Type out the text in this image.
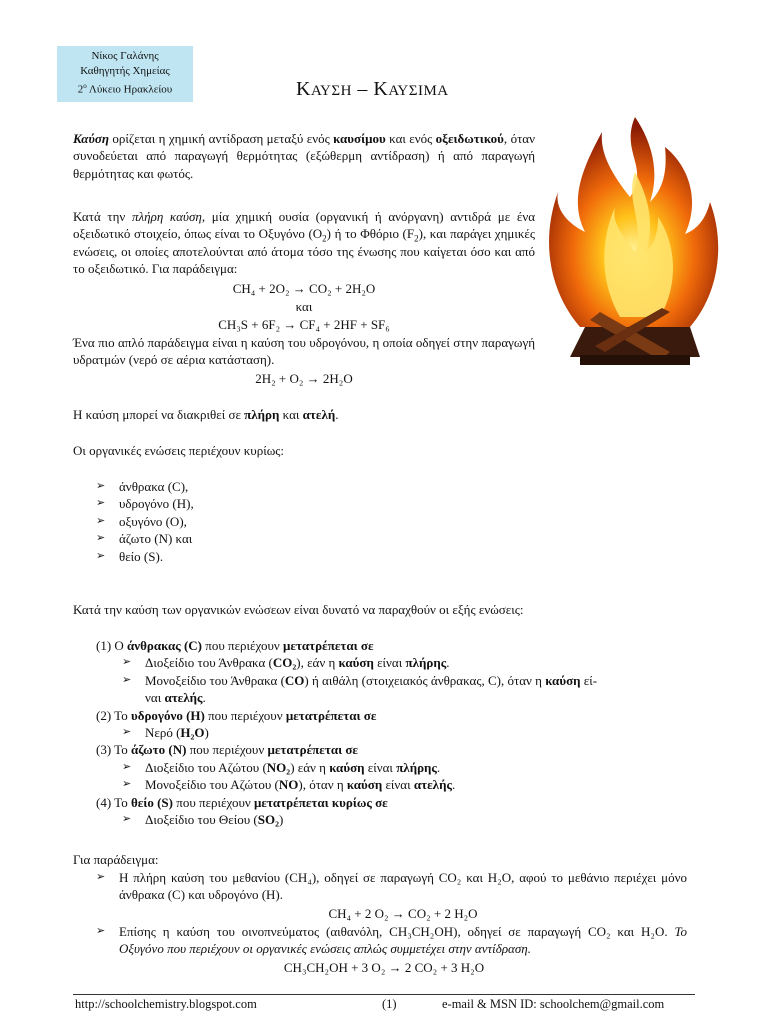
Νίκος Γαλάνης
Καθηγητής Χημείας
$2^o$ Λύκειο Ηρακλείου	ΚΑΥΣΗ – ΚΑΥΣΙΜΑ
Καύση ορίζεται η χημική αντίδραση μεταξύ ενός καυσίμου και ενός οξειδωτικού, όταν συνοδεύεται από παραγωγή θερμότητας (εξώθερμη αντίδραση) ή από παραγωγή θερμότητας και φωτός.
Κατά την πλήρη καύση, μία χημική ουσία (οργανική ή ανόργανη) αντιδρά με ένα οξειδωτικό στοιχείο, όπως είναι το Οξυγόνο $(O_2)$ ή το Φθόριο $(F_2)$, και παράγει χημικές ενώσεις, οι οποίες αποτελούνται από άτομα τόσο της ένωσης που καίγεται όσο και από το οξειδωτικό. Για παράδειγμα:
CH₄ + 2O₂ → CO₂ + 2H₂O
και
CH₃S + 6F₂ → CF₄ + 2HF + SF₆
Ένα πιο απλό παράδειγμα είναι η καύση του υδρογόνου, η οποία οδηγεί στην παραγωγή υδρατμών (νερό σε αέρια κατάσταση).
2H₂ + O₂ → 2H₂O
Η καύση μπορεί να διακριθεί σε πλήρη και ατελή.
Οι οργανικές ενώσεις περιέχουν κυρίως:
➢ άνθρακα (C),
➢ υδρογόνο (H),
➢ οξυγόνο (O),
➢ άζωτο (N) και
➢ θείο (S).
Κατά την καύση των οργανικών ενώσεων είναι δυνατό να παραχθούν οι εξής ενώσεις:
(1) Ο άνθρακας (C) που περιέχουν μετατρέπεται σε
➢ Διοξείδιο του Άνθρακα (CO₂), εάν η καύση είναι πλήρης.
➢ Μονοξείδιο του Άνθρακα (CO) ή αιθάλη (στοιχειακός άνθρακας, C), όταν η καύση εί-
ναι ατελής.
(2) Το υδρογόνο (H) που περιέχουν μετατρέπεται σε
➢ Νερό (H₂O)
(3) Το άζωτο (N) που περιέχουν μετατρέπεται σε
➢ Διοξείδιο του Αζώτου (NO₂) εάν η καύση είναι πλήρης.
➢ Μονοξείδιο του Αζώτου (NO), όταν η καύση είναι ατελής.
(4) Το θείο (S) που περιέχουν μετατρέπεται κυρίως σε
➢ Διοξείδιο του Θείου (SO₂)
Για παράδειγμα:
➢ Η πλήρη καύση του μεθανίου (CH₄), οδηγεί σε παραγωγή CO₂ και H₂O, αφού το μεθάνιο περιέχει μόνο άνθρακα (C) και υδρογόνο (H).
CH₄ + 2 O₂ → CO₂ + 2 H₂O
➢ Επίσης η καύση του οινοπνεύματος (αιθανόλη, CH₃CH₂OH), οδηγεί σε παραγωγή CO₂ και H₂O. Το Οξυγόνο που περιέχουν οι οργανικές ενώσεις απλώς συμμετέχει στην αντίδραση.
CH₃CH₂OH + 3 O₂ → 2 CO₂ + 3 H₂O
http://schoolchemistry.blogspot.com	(1)	e-mail & MSN ID: schoolchem@gmail.com
